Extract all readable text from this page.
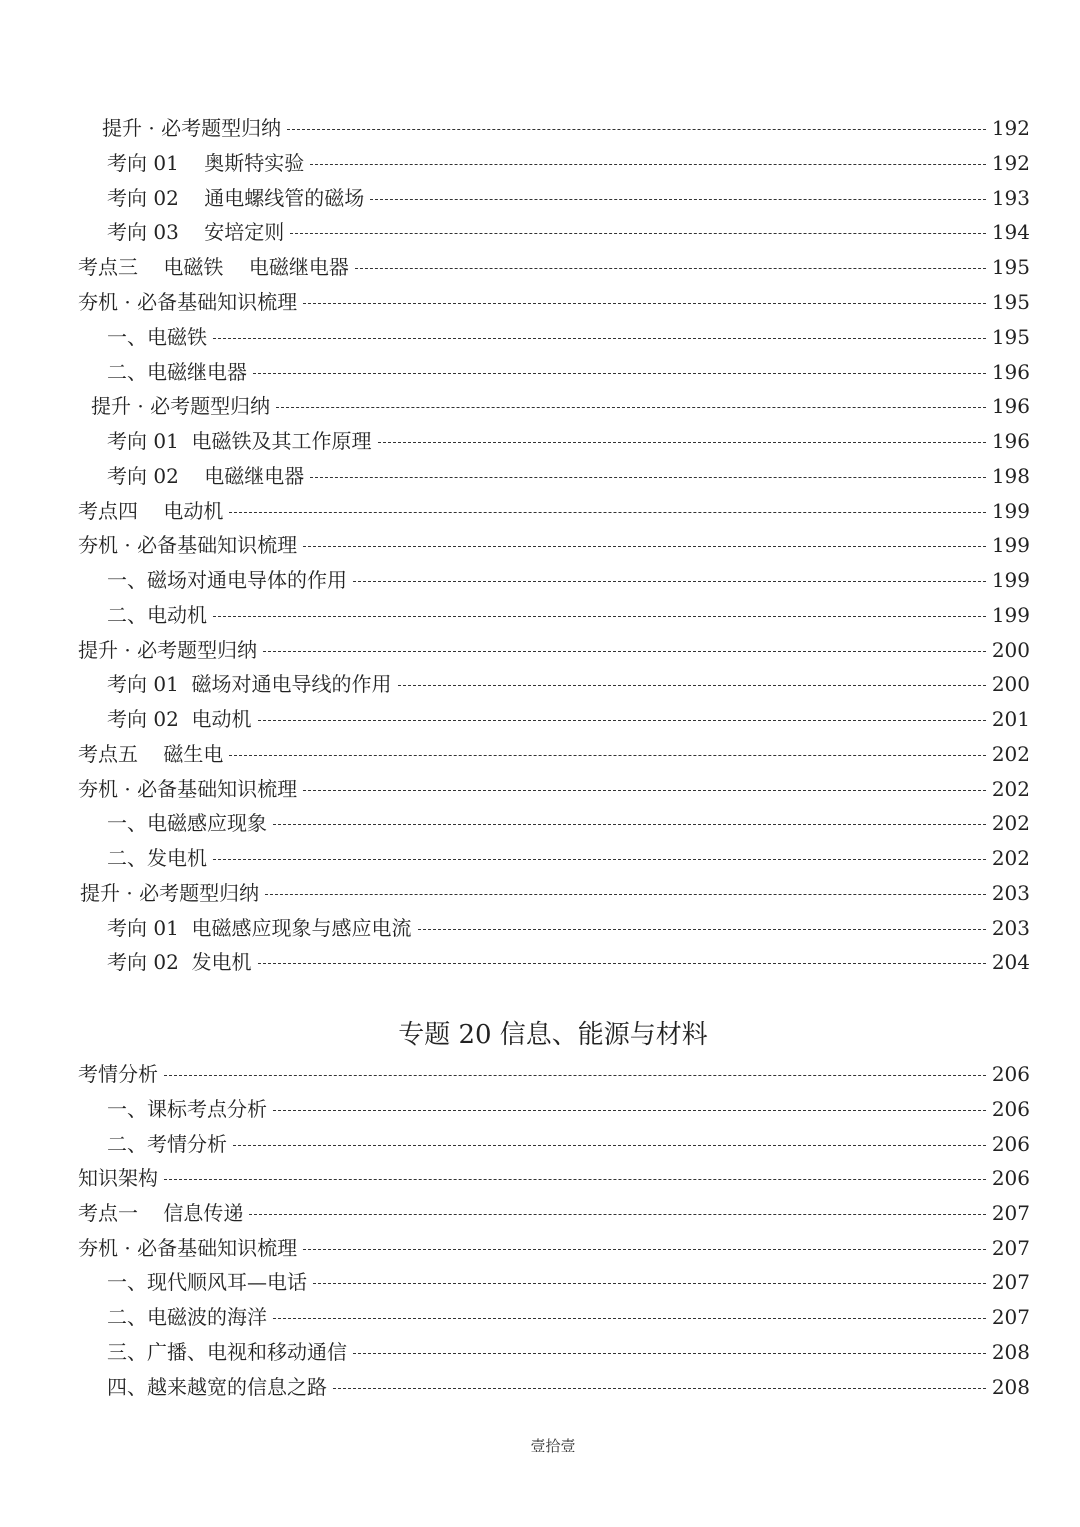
提升 · 必考题型归纳	192
考向 01    奥斯特实验	192
考向 02    通电螺线管的磁场	193
考向 03    安培定则	194
考点三    电磁铁    电磁继电器	195
夯机 · 必备基础知识梳理	195
一、电磁铁	195
二、电磁继电器	196
提升 · 必考题型归纳	196
考向 01  电磁铁及其工作原理	196
考向 02    电磁继电器	198
考点四    电动机	199
夯机 · 必备基础知识梳理	199
一、磁场对通电导体的作用	199
二、电动机	199
提升 · 必考题型归纳	200
考向 01  磁场对通电导线的作用	200
考向 02  电动机	201
考点五    磁生电	202
夯机 · 必备基础知识梳理	202
一、电磁感应现象	202
二、发电机	202
提升 · 必考题型归纳	203
考向 01  电磁感应现象与感应电流	203
考向 02  发电机	204
专题 20 信息、能源与材料
考情分析	206
一、课标考点分析	206
二、考情分析	206
知识架构	206
考点一    信息传递	207
夯机 · 必备基础知识梳理	207
一、现代顺风耳—电话	207
二、电磁波的海洋	207
三、广播、电视和移动通信	208
四、越来越宽的信息之路	208
壹拾壹
